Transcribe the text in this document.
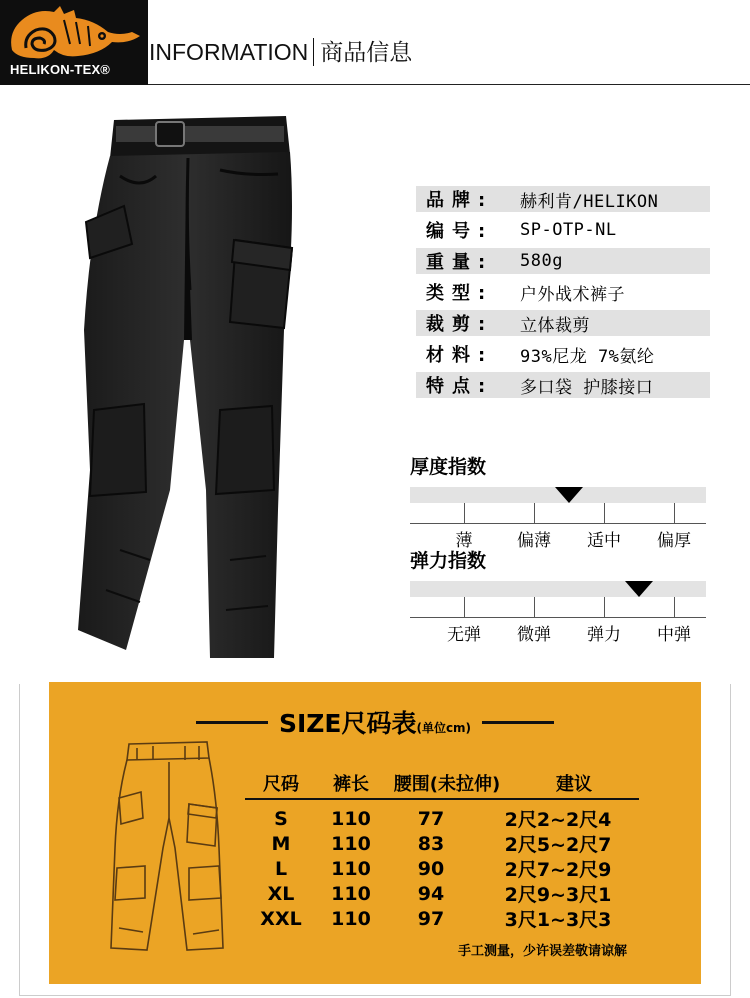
HELIKON-TEX®
INFORMATION 商品信息
品牌:	赫利肯/HELIKON
编号:	SP-OTP-NL
重量:	580g
类型:	户外战术裤子
裁剪:	立体裁剪
材料:	93%尼龙 7%氨纶
特点:	多口袋 护膝接口
厚度指数
薄	偏薄	适中	偏厚
弹力指数
无弹	微弹	弹力	中弹
SIZE尺码表(单位cm)
尺码	裤长	腰围(未拉伸)	建议
S	110	77	2尺2~2尺4
M	110	83	2尺5~2尺7
L	110	90	2尺7~2尺9
XL	110	94	2尺9~3尺1
XXL	110	97	3尺1~3尺3
手工测量，少许误差敬请谅解
